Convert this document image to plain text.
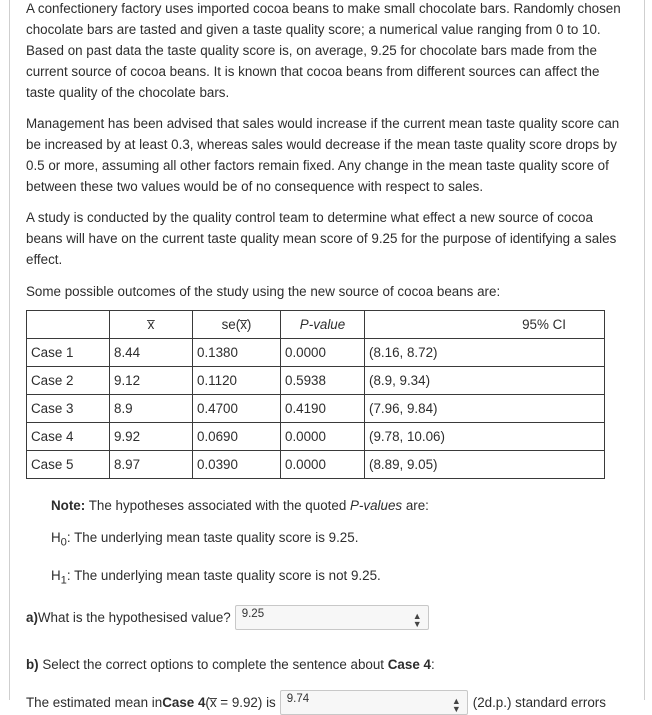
A confectionery factory uses imported cocoa beans to make small chocolate bars. Randomly chosen chocolate bars are tasted and given a taste quality score; a numerical value ranging from 0 to 10. Based on past data the taste quality score is, on average, 9.25 for chocolate bars made from the current source of cocoa beans. It is known that cocoa beans from different sources can affect the taste quality of the chocolate bars.

Management has been advised that sales would increase if the current mean taste quality score can be increased by at least 0.3, whereas sales would decrease if the mean taste quality score drops by 0.5 or more, assuming all other factors remain fixed. Any change in the mean taste quality score of between these two values would be of no consequence with respect to sales.

A study is conducted by the quality control team to determine what effect a new source of cocoa beans will have on the current taste quality mean score of 9.25 for the purpose of identifying a sales effect.

Some possible outcomes of the study using the new source of cocoa beans are:

	x̅	se(x̅)	P-value	95% CI
Case 1	8.44	0.1380	0.0000	(8.16, 8.72)
Case 2	9.12	0.1120	0.5938	(8.9, 9.34)
Case 3	8.9	0.4700	0.4190	(7.96, 9.84)
Case 4	9.92	0.0690	0.0000	(9.78, 10.06)
Case 5	8.97	0.0390	0.0000	(8.89, 9.05)

Note: The hypotheses associated with the quoted P-values are:

$H_0$: The underlying mean taste quality score is 9.25.

$H_1$: The underlying mean taste quality score is not 9.25.

a) What is the hypothesised value? 9.25	▲
▼
b) Select the correct options to complete the sentence about Case 4:
The estimated mean in Case 4 (x̅ = 9.92) is 9.74	▲
▼ (2d.p.) standard errors
